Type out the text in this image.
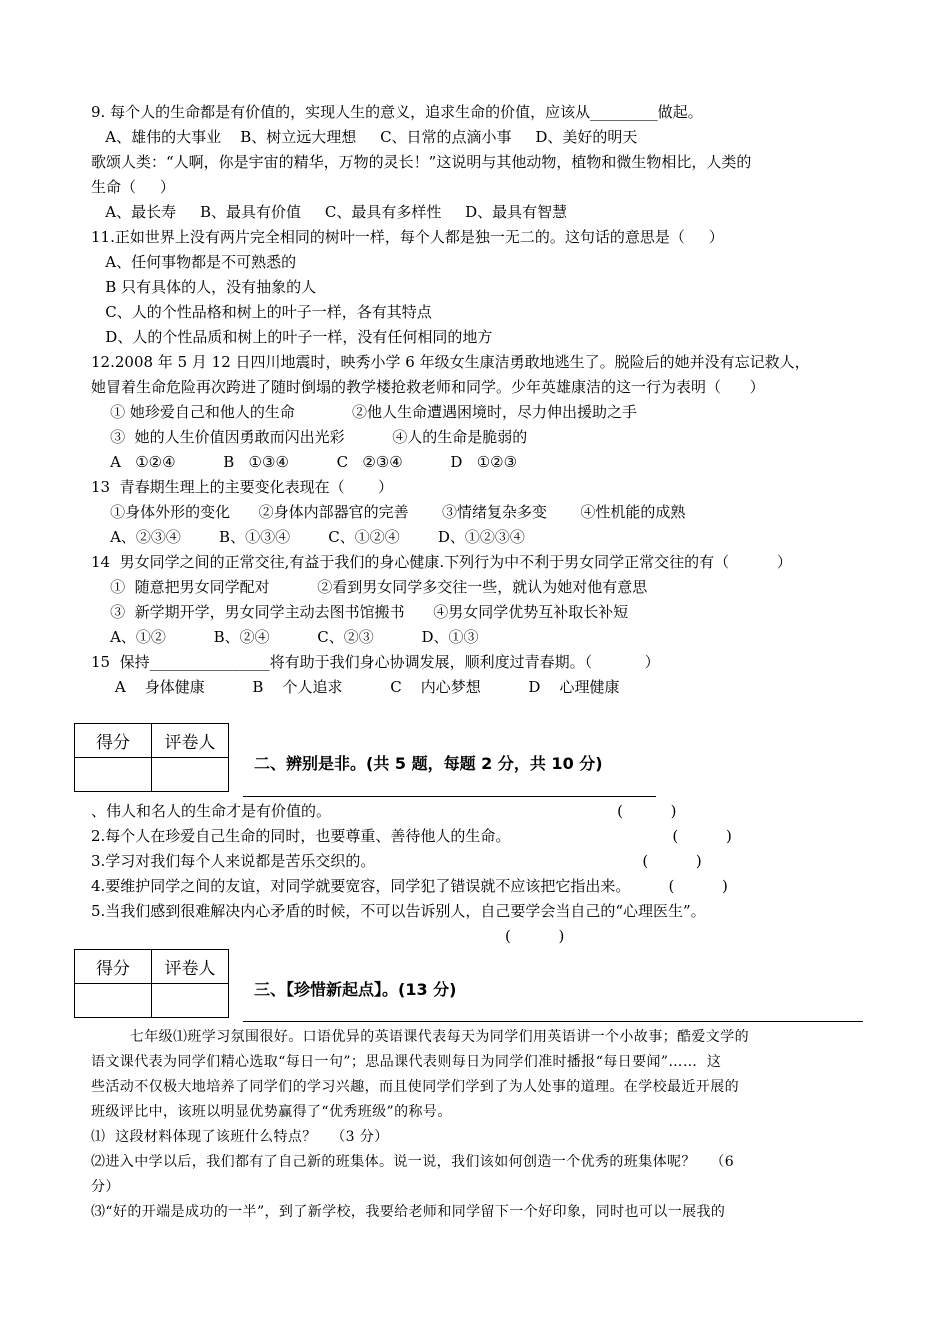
9. 每个人的生命都是有价值的，实现人生的意义，追求生命的价值，应该从_________做起。
A、雄伟的大事业    B、树立远大理想     C、日常的点滴小事     D、美好的明天
歌颂人类：“人啊，你是宇宙的精华，万物的灵长！”这说明与其他动物，植物和微生物相比，人类的
生命（     ）
A、最长寿     B、最具有价值     C、最具有多样性     D、最具有智慧
11.正如世界上没有两片完全相同的树叶一样，每个人都是独一无二的。这句话的意思是（     ）
A、任何事物都是不可熟悉的
B 只有具体的人，没有抽象的人
C、人的个性品格和树上的叶子一样，各有其特点
D、人的个性品质和树上的叶子一样，没有任何相同的地方
12.2008 年 5 月 12 日四川地震时，映秀小学 6 年级女生康洁勇敢地逃生了。脱险后的她并没有忘记救人，
她冒着生命危险再次跨进了随时倒塌的教学楼抢救老师和同学。少年英雄康洁的这一行为表明（      ）
① 她珍爱自己和他人的生命            ②他人生命遭遇困境时，尽力伸出援助之手
③  她的人生价值因勇敢而闪出光彩          ④人的生命是脆弱的
A   ①②④          B   ①③④          C   ②③④          D   ①②③
13  青春期生理上的主要变化表现在（       ）
①身体外形的变化      ②身体内部器官的完善       ③情绪复杂多变       ④性机能的成熟
A、②③④        B、①③④        C、①②④        D、①②③④
14  男女同学之间的正常交往,有益于我们的身心健康.下列行为中不利于男女同学正常交往的有（          ）
①  随意把男女同学配对          ②看到男女同学多交往一些，就认为她对他有意思
③  新学期开学，男女同学主动去图书馆搬书      ④男女同学优势互补取长补短
A、①②          B、②④          C、②③          D、①③
15  保持________________将有助于我们身心协调发展，顺利度过青春期。（           ）
A    身体健康          B    个人追求          C    内心梦想          D    心理健康
得分	评卷人

二、辨别是非。(共 5 题，每题 2 分，共 10 分)
、伟人和名人的生命才是有价值的。                                                            (          )
2.每个人在珍爱自己生命的同时，也要尊重、善待他人的生命。                                  (          )
3.学习对我们每个人来说都是苦乐交织的。                                                        (          )
4.要维护同学之间的友谊，对同学就要宽容，同学犯了错误就不应该把它指出来。        (          )
5.当我们感到很难解决内心矛盾的时候，不可以告诉别人，自己要学会当自己的“心理医生”。
(          )
得分	评卷人

三、【珍惜新起点】。(13 分)
七年级⑴班学习氛围很好。口语优异的英语课代表每天为同学们用英语讲一个小故事；酷爱文学的
语文课代表为同学们精心选取“每日一句”；思品课代表则每日为同学们准时播报“每日要闻”……  这
些活动不仅极大地培养了同学们的学习兴趣，而且使同学们学到了为人处事的道理。在学校最近开展的
班级评比中，该班以明显优势赢得了“优秀班级”的称号。
⑴  这段材料体现了该班什么特点？   （3 分）
⑵进入中学以后，我们都有了自己新的班集体。说一说，我们该如何创造一个优秀的班集体呢？   （6
分）
⑶“好的开端是成功的一半”，到了新学校，我要给老师和同学留下一个好印象，同时也可以一展我的
